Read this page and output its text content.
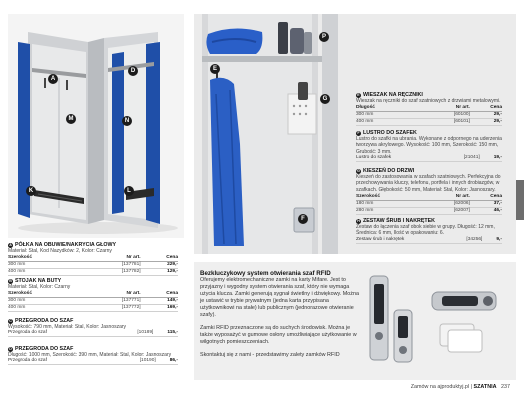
A
D
M	N
K	L
A PÓŁKA NA OBUWIE/NAKRYCIA GŁOWY
Materiał: Stal, Kod Nazydków: 2, Kolor: Czarny
Szerokość	Nr art.	Cena
300 mm	[137781]	229,-
400 mm	[137782]	129,-
B STOJAK NA BUTY
Materiał: Stal, Kolor: Czarny
Szerokość	Nr art.	Cena
300 mm	[137771]	149,-
400 mm	[137772]	169,-
C PRZEGRODA DO SZAF
Wysokość: 790 mm, Materiał: Stal, Kolor: Jasnoszary
Przegroda do szaf	[10189]	115,-
D PRZEGRODA DO SZAF
Długość: 1000 mm, Szerokość: 390 mm, Materiał: Stal, Kolor: Jasnoszary
Przegroda do szaf	[10190]	86,-
P
E
G
F
E WIESZAK NA RĘCZNIKI
Wieszak na ręczniki do szaf szatniowych z drzwiami metalowymi.
Długość	Nr art.	Cena
300 mm	[60100]	29,-
400 mm	[60101]	29,-
F LUSTRO DO SZAFEK
Lustro do szafki na ubrania. Wykonane z odpornego na uderzenia tworzywa akrylowego. Wysokość: 100 mm, Szerokość: 150 mm, Grubość: 3 mm.
Lustro do szafek	[21041]	19,-
G KIESZEŃ DO DRZWI
Kieszeń do zastosowania w szafach szatniowych. Perfekcyjna do przechowywania kluczy, telefonu, portfela i innych drobiazgów, w szafkach. Głębokość: 50 mm, Materiał: Stal, Kolor: Jasnoszary.
Szerokość	Nr art.	Cena
180 mm	[62006]	37,-
280 mm	[62007]	46,-
H ZESTAW ŚRUB I NAKRĘTEK
Zestaw do łączenia szaf obok siebie w grupy. Długość: 12 mm, Średnica: 6 mm, Ilość w opakowaniu: 6.
Zestaw śrub i nakrętek	[34256]	9,-
Bezkluczykowy system otwierania szaf RFID

Oferujemy elektromechaniczne zamki na karty Mifare. Jest to przyjazny i wygodny system otwierania szaf, który nie wymaga użycia klucza. Zamki generują sygnał świetlny i dźwiękowy. Można je ustawić w trybie prywatnym (jedna karta przypisana użytkownikowi na stałe) lub publicznym (jednorazowe otwieranie szafy).

Zamki RFID przeznaczone są do suchych środowisk. Można je także wyposażyć w gumowe osłony umożliwiające użytkowanie w wilgotnych pomieszczeniach.

Skontaktuj się z nami - przedstawimy zalety zamków RFID

Zamów na ajproduktyj.pl | SZATNIA 237
